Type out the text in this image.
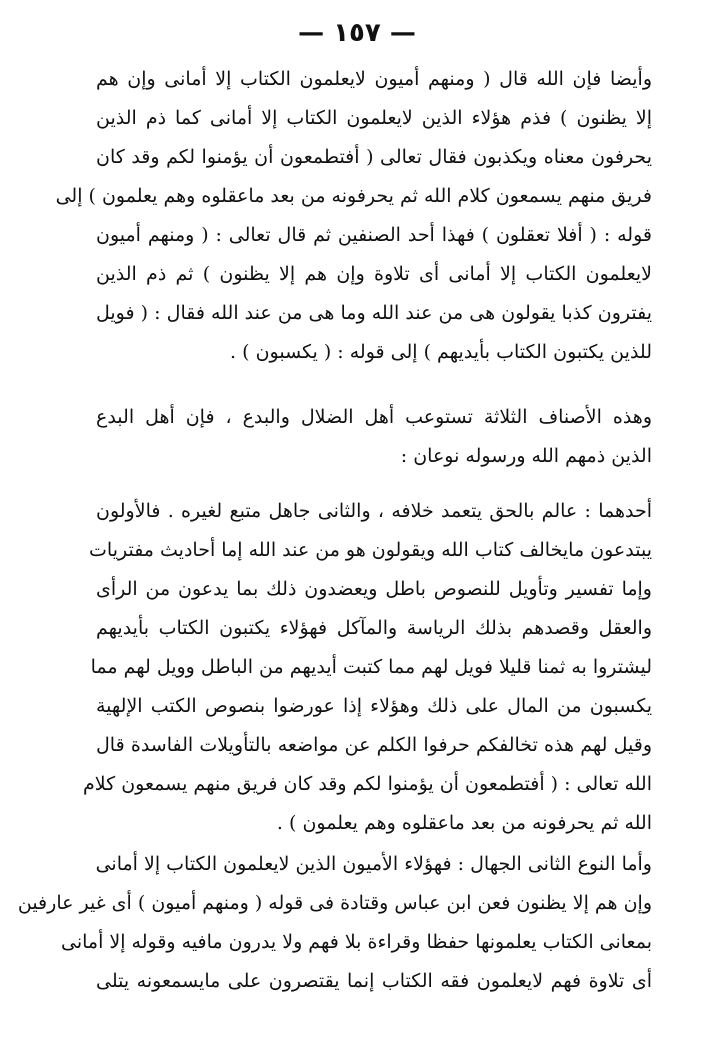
— ١٥٧ —
وأيضا فإن الله قال ( ومنهم أميون لايعلمون الكتاب إلا أمانى وإن هم
إلا يظنون ) فذم هؤلاء الذين لايعلمون الكتاب إلا أمانى كما ذم الذين
يحرفون معناه ويكذبون فقال تعالى ( أفتطمعون أن يؤمنوا لكم وقد كان
فريق منهم يسمعون كلام الله ثم يحرفونه من بعد ماعقلوه وهم يعلمون ) إلى
قوله : ( أفلا تعقلون ) فهذا أحد الصنفين ثم قال تعالى : ( ومنهم أميون
لايعلمون الكتاب إلا أمانى أى تلاوة وإن هم إلا يظنون ) ثم ذم الذين
يفترون كذبا يقولون هى من عند الله وما هى من عند الله فقال : ( فويل
للذين يكتبون الكتاب بأيديهم ) إلى قوله : ( يكسبون ) .
وهذه الأصناف الثلاثة تستوعب أهل الضلال والبدع ، فإن أهل البدع
الذين ذمهم الله ورسوله نوعان :
أحدهما : عالم بالحق يتعمد خلافه ، والثانى جاهل متبع لغيره . فالأولون
يبتدعون مايخالف كتاب الله ويقولون هو من عند الله إما أحاديث مفتريات
وإما تفسير وتأويل للنصوص باطل ويعضدون ذلك بما يدعون من الرأى
والعقل وقصدهم بذلك الرياسة والمآكل فهؤلاء يكتبون الكتاب بأيديهم
ليشتروا به ثمنا قليلا فويل لهم مما كتبت أيديهم من الباطل وويل لهم مما
يكسبون من المال على ذلك وهؤلاء إذا عورضوا بنصوص الكتب الإلهية
وقيل لهم هذه تخالفكم حرفوا الكلم عن مواضعه بالتأويلات الفاسدة قال
الله تعالى : ( أفتطمعون أن يؤمنوا لكم وقد كان فريق منهم يسمعون كلام
الله ثم يحرفونه من بعد ماعقلوه وهم يعلمون ) .
وأما النوع الثانى الجهال : فهؤلاء الأميون الذين لايعلمون الكتاب إلا أمانى
وإن هم إلا يظنون فعن ابن عباس وقتادة فى قوله ( ومنهم أميون ) أى غير عارفين
بمعانى الكتاب يعلمونها حفظا وقراءة بلا فهم ولا يدرون مافيه وقوله إلا أمانى
أى تلاوة فهم لايعلمون فقه الكتاب إنما يقتصرون على مايسمعونه يتلى
